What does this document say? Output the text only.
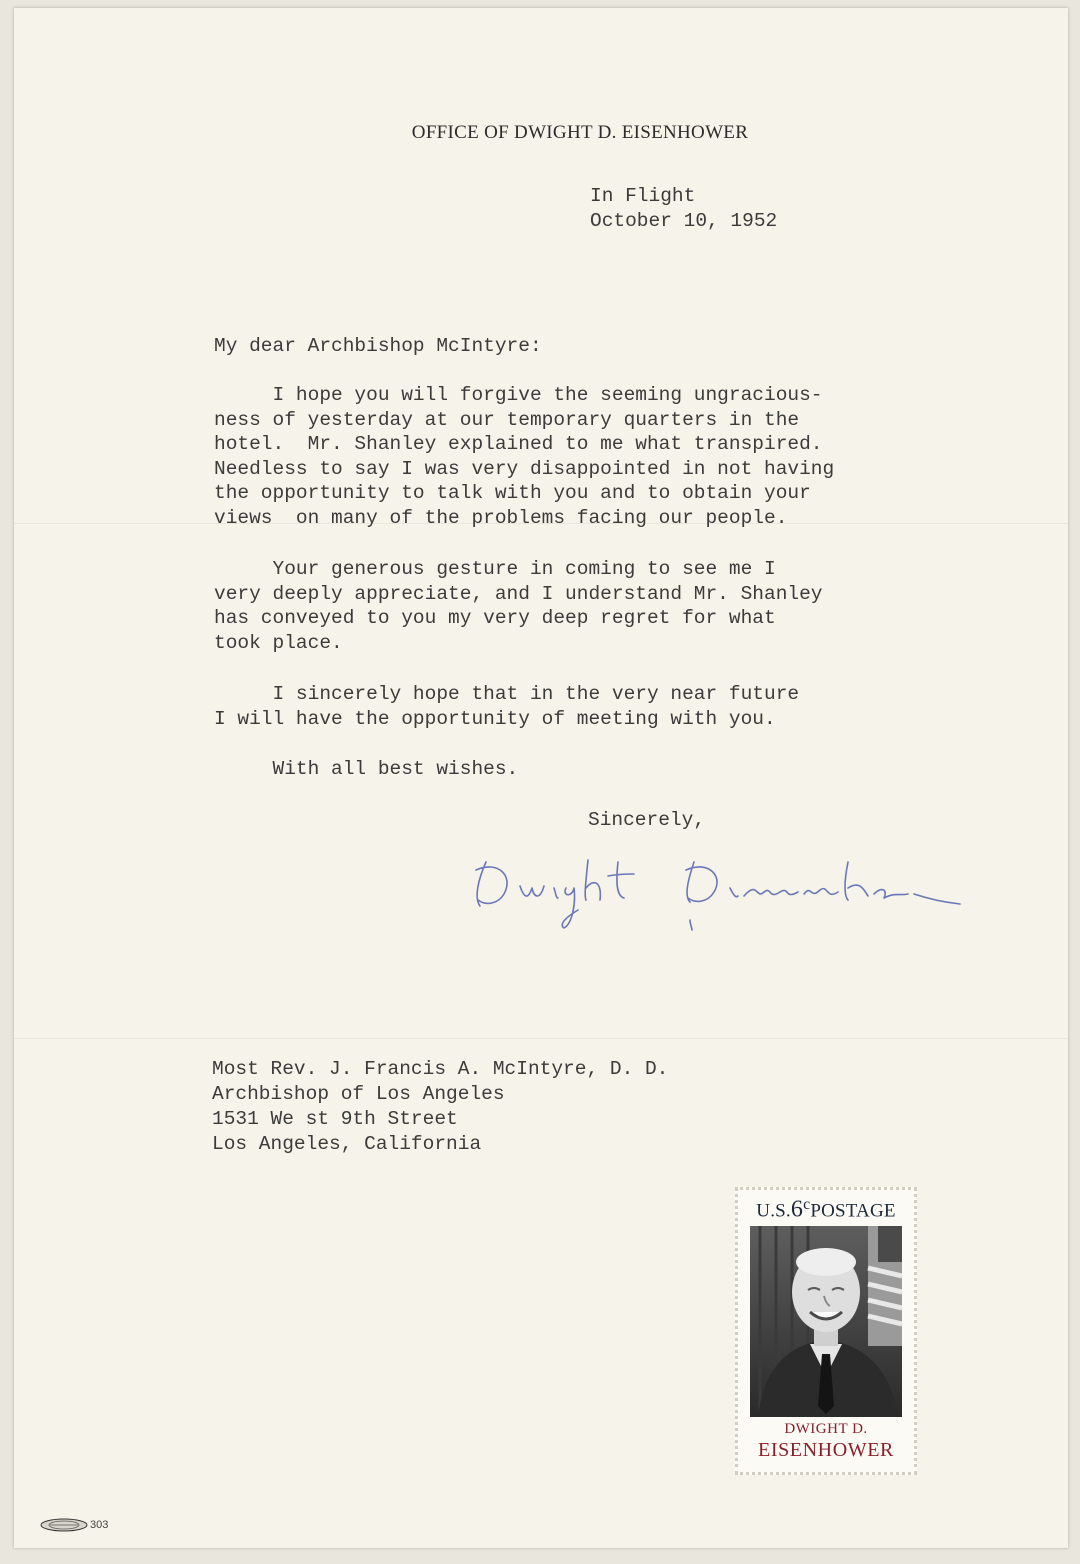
OFFICE OF DWIGHT D. EISENHOWER
In Flight
October 10, 1952
My dear Archbishop McIntyre:
I hope you will forgive the seeming ungracious-
ness of yesterday at our temporary quarters in the
hotel.  Mr. Shanley explained to me what transpired.
Needless to say I was very disappointed in not having
the opportunity to talk with you and to obtain your
views  on many of the problems facing our people.
Your generous gesture in coming to see me I
very deeply appreciate, and I understand Mr. Shanley
has conveyed to you my very deep regret for what
took place.
I sincerely hope that in the very near future
I will have the opportunity of meeting with you.
With all best wishes.
Sincerely,
Most Rev. J. Francis A. McIntyre, D. D.
Archbishop of Los Angeles
1531 We st 9th Street
Los Angeles, California
U.S.6$^c$POSTAGE
DWIGHT D.
EISENHOWER
303
